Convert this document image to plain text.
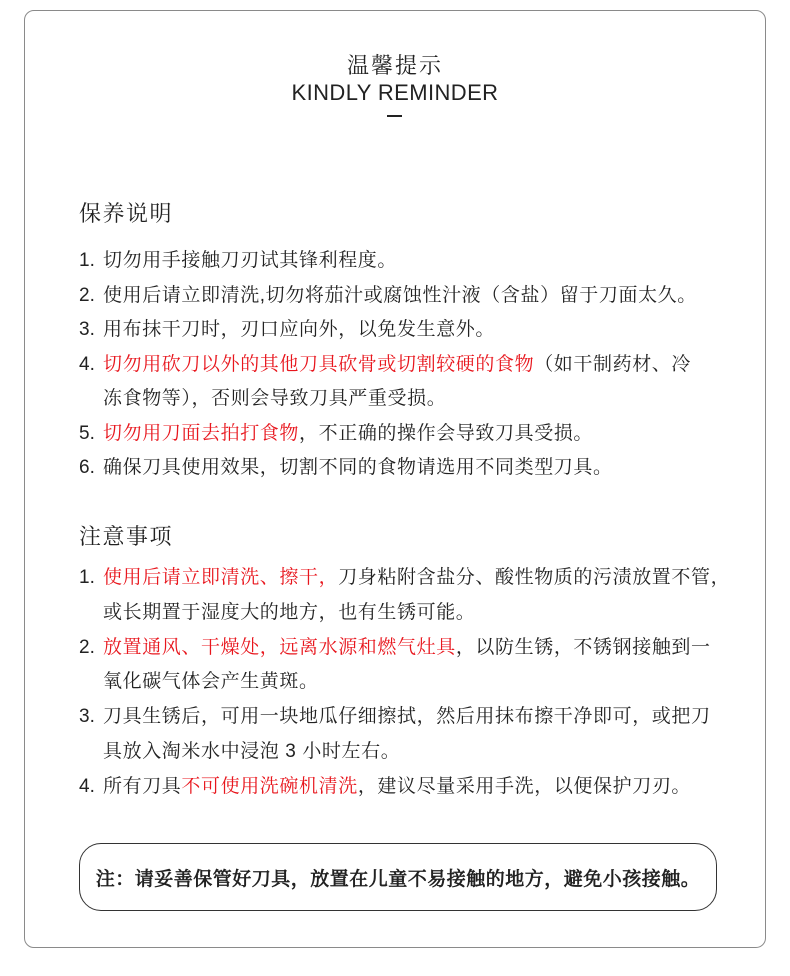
温馨提示
KINDLY REMINDER
保养说明
1. 切勿用手接触刀刃试其锋利程度。
2. 使用后请立即清洗,切勿将茄汁或腐蚀性汁液（含盐）留于刀面太久。
3. 用布抹干刀时，刃口应向外，以免发生意外。
4. 切勿用砍刀以外的其他刀具砍骨或切割较硬的食物（如干制药材、冷
冻食物等），否则会导致刀具严重受损。
5. 切勿用刀面去拍打食物，不正确的操作会导致刀具受损。
6. 确保刀具使用效果，切割不同的食物请选用不同类型刀具。
注意事项
1. 使用后请立即清洗、擦干，刀身粘附含盐分、酸性物质的污渍放置不管，
或长期置于湿度大的地方，也有生锈可能。
2. 放置通风、干燥处，远离水源和燃气灶具，以防生锈，不锈钢接触到一
氧化碳气体会产生黄斑。
3. 刀具生锈后，可用一块地瓜仔细擦拭，然后用抹布擦干净即可，或把刀
具放入淘米水中浸泡 3 小时左右。
4. 所有刀具不可使用洗碗机清洗，建议尽量采用手洗，以便保护刀刃。
注：请妥善保管好刀具，放置在儿童不易接触的地方，避免小孩接触。
